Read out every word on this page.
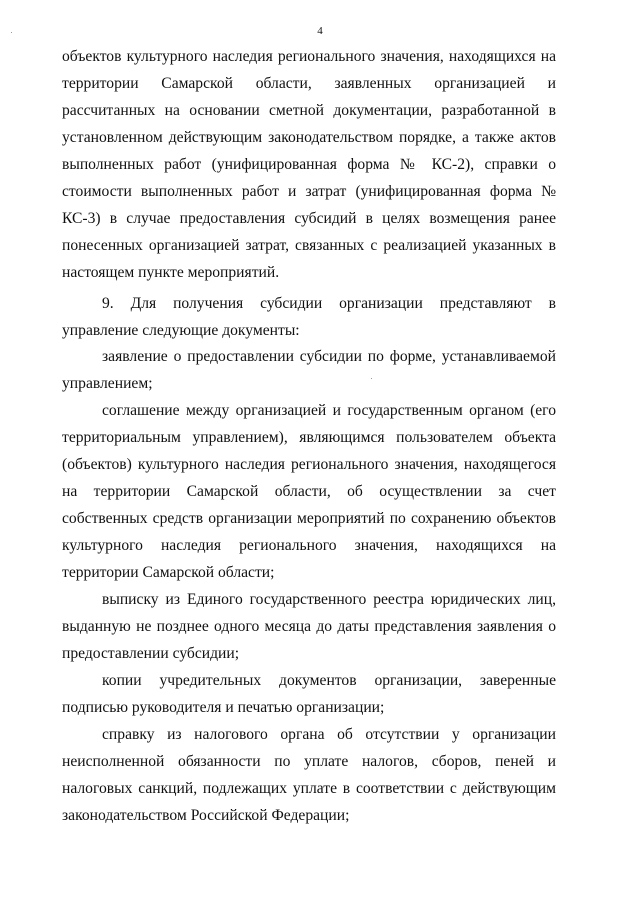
4

объектов культурного наследия регионального значения, находящихся на территории Самарской области, заявленных организацией и рассчитанных на основании сметной документации, разработанной в установленном действующим законодательством порядке, а также актов выполненных работ (унифицированная форма № КС-2), справки о стоимости выполненных работ и затрат (унифицированная форма № КС-3) в случае предоставления субсидий в целях возмещения ранее понесенных организацией затрат, связанных с реализацией указанных в настоящем пункте мероприятий.

9. Для получения субсидии организации представляют в управление следующие документы:

заявление о предоставлении субсидии по форме, устанавливаемой управлением;

соглашение между организацией и государственным органом (его территориальным управлением), являющимся пользователем объекта (объектов) культурного наследия регионального значения, находящегося на территории Самарской области, об осуществлении за счет собственных средств организации мероприятий по сохранению объектов культурного наследия регионального значения, находящихся на территории Самарской области;

выписку из Единого государственного реестра юридических лиц, выданную не позднее одного месяца до даты представления заявления о предоставлении субсидии;

копии учредительных документов организации, заверенные подписью руководителя и печатью организации;

справку из налогового органа об отсутствии у организации неисполненной обязанности по уплате налогов, сборов, пеней и налоговых санкций, подлежащих уплате в соответствии с действующим законодательством Российской Федерации;
